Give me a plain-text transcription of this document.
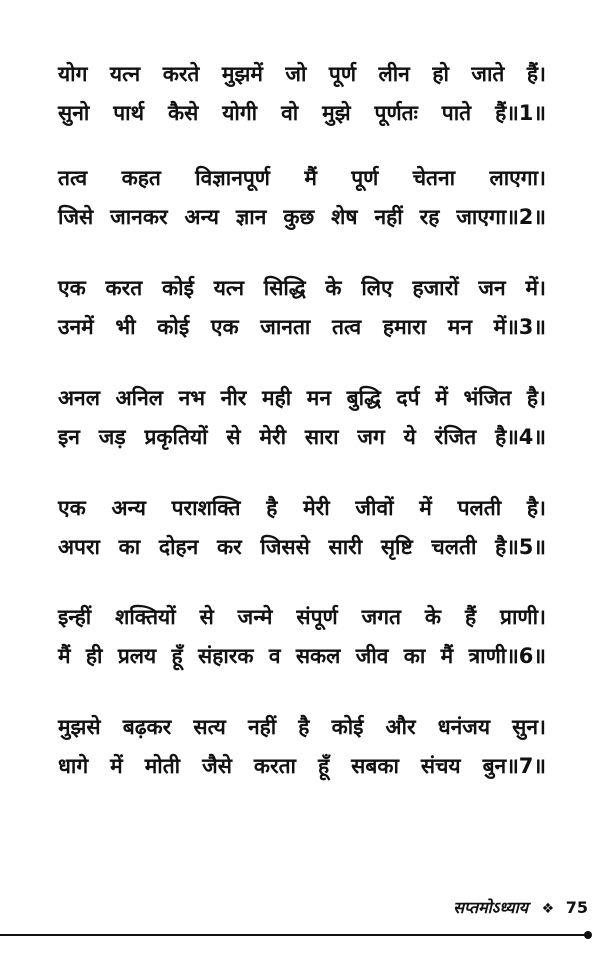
योग यत्न करते मुझमें जो पूर्ण लीन हो जाते हैं।
सुनो पार्थ कैसे योगी वो मुझे पूर्णतः पाते हैं॥1॥
तत्व कहत विज्ञानपूर्ण मैं पूर्ण चेतना लाएगा।
जिसे जानकर अन्य ज्ञान कुछ शेष नहीं रह जाएगा॥2॥
एक करत कोई यत्न सिद्धि के लिए हजारों जन में।
उनमें भी कोई एक जानता तत्व हमारा मन में॥3॥
अनल अनिल नभ नीर मही मन बुद्धि दर्प में भंजित है।
इन जड़ प्रकृतियों से मेरी सारा जग ये रंजित है॥4॥
एक अन्य पराशक्ति है मेरी जीवों में पलती है।
अपरा का दोहन कर जिससे सारी सृष्टि चलती है॥5॥
इन्हीं शक्तियों से जन्मे संपूर्ण जगत के हैं प्राणी।
मैं ही प्रलय हूँ संहारक व सकल जीव का मैं त्राणी॥6॥
मुझसे बढ़कर सत्य नहीं है कोई और धनंजय सुन।
धागे में मोती जैसे करता हूँ सबका संचय बुन॥7॥
सप्तमोऽध्याय ❖ 75
